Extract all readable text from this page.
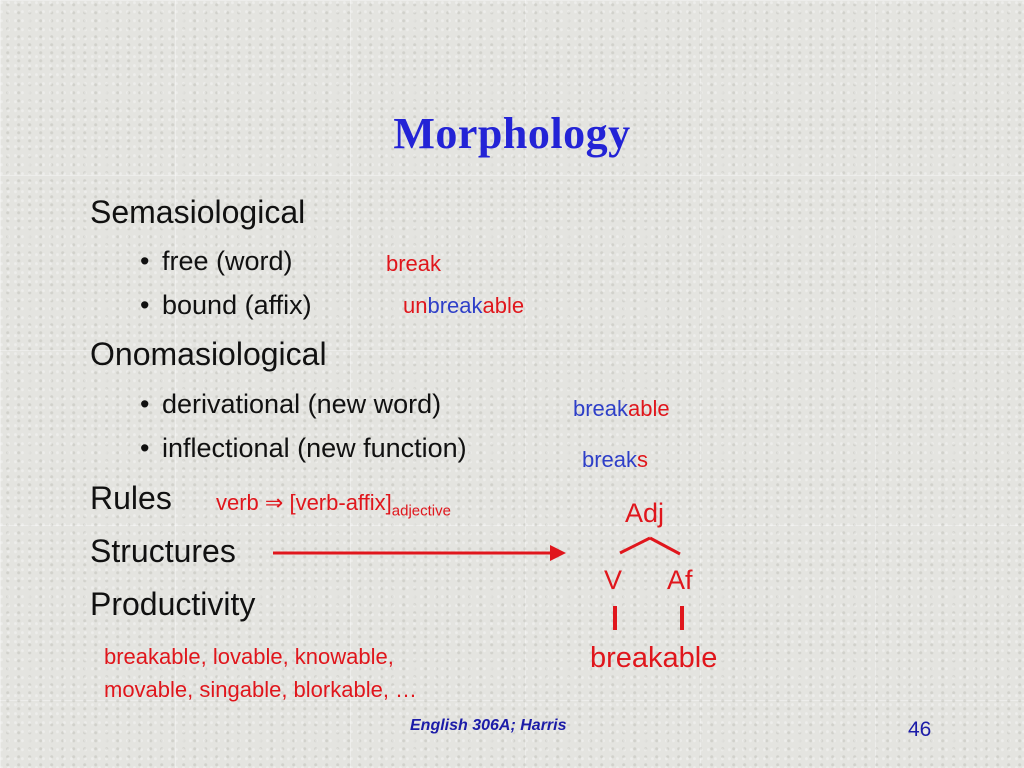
Morphology
Semasiological
• free (word)	break
• bound (affix)	unbreakable
Onomasiological
• derivational (new word)	breakable
• inflectional (new function)	breaks
Rules verb ⇒ $[verb-affix]_{adjective}$
Structures
Productivity
Adj
V Af
breakable
breakable, lovable, knowable,
movable, singable, blorkable, …
English 306A; Harris	46
